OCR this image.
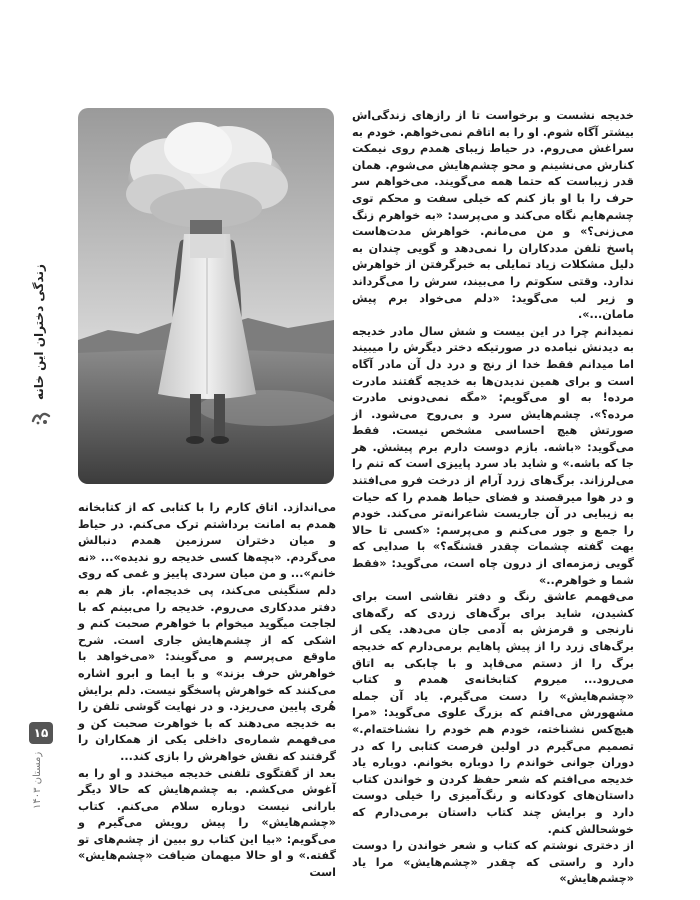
زندگی دختران این خانه
۱۵
زمستان ۱۴۰۳

خدیجه نشست و برخواست تا از رازهای زندگی‌اش بیشتر آگاه شوم. او را به اتاقم نمی‌خواهم. خودم به سراغش می‌روم. در حیاط زیبای همدم روی نیمکت کنارش می‌نشینم و محو چشم‌هایش می‌شوم. همان قدر زیباست که حتما همه می‌گویند. می‌خواهم سر حرف را با او باز کنم که خیلی سفت و محکم توی چشم‌هایم نگاه می‌کند و می‌پرسد: «به خواهرم زنگ می‌زنی؟» و من می‌مانم. خواهرش مدت‌هاست پاسخ تلفن مددکاران را نمی‌دهد و گویی چندان به دلیل مشکلات زیاد تمایلی به خبرگرفتن از خواهرش ندارد. وقتی سکوتم را می‌بیند، سرش را می‌گرداند و زیر لب می‌گوید: «دلم می‌خواد برم پیش مامان...».

نمیدانم چرا در این بیست و شش سال مادر خدیجه به دیدنش نیامده در صورتیکه دختر دیگرش را میبیند اما میدانم فقط خدا از رنج و درد دل آن مادر آگاه است و برای همین ندیدن‌ها به خدیجه گفتند مادرت مرده! به او می‌گویم: «مگه نمی‌دونی مادرت مرده؟». چشم‌هایش سرد و بی‌روح می‌شود. از صورتش هیچ احساسی مشخص نیست. فقط می‌گوید: «باشه. بازم دوست دارم برم پیشش. هر جا که باشه.» و شاید باد سرد پاییزی است که تنم را می‌لرزاند. برگ‌های زرد آرام از درخت فرو می‌افتند و در هوا میرقصند و فضای حیاط همدم را که حیات به زیبایی در آن جاریست شاعرانه‌تر می‌کند. خودم را جمع و جور می‌کنم و می‌پرسم: «کسی تا حالا بهت گفته چشمات چقدر قشنگه؟» با صدایی که گویی زمزمه‌ای از درون چاه است، می‌گوید: «فقط شما و خواهرم..»

می‌فهمم عاشق رنگ و دفتر نقاشی است برای کشیدن، شاید برای برگ‌های زردی که رگه‌های نارنجی و قرمزش به آدمی جان می‌دهد. یکی از برگ‌های زرد را از پیش پاهایم برمی‌دارم که خدیجه برگ را از دستم می‌قاپد و با چابکی به اتاق می‌رود... میروم کتابخانه‌ی همدم و کتاب «چشم‌هایش» را دست می‌گیرم. یاد آن جمله مشهورش می‌افتم که بزرگ علوی می‌گوید: «مرا هیچ‌کس نشناخته، خودم هم خودم را نشناخته‌ام.» تصمیم می‌گیرم در اولین فرصت کتابی را که در دوران جوانی خواندم را دوباره بخوانم. دوباره یاد خدیجه می‌افتم که شعر حفظ کردن و خواندن کتاب داستان‌های کودکانه و رنگ‌آمیزی را خیلی دوست دارد و برایش چند کتاب داستان برمی‌دارم که خوشحالش کنم.

از دختری نوشتم که کتاب و شعر خواندن را دوست دارد و راستی که چقدر «چشم‌هایش» مرا یاد «چشم‌هایش»

می‌اندازد. اتاق کارم را با کتابی که از کتابخانه همدم به امانت برداشتم ترک می‌کنم. در حیاط و میان دختران سرزمین همدم دنبالش می‌گردم. «بچه‌ها کسی خدیجه رو ندیده»... «نه خانم»... و من میان سردی پاییز و غمی که روی دلم سنگینی می‌کند، پی خدیجه‌ام. باز هم به دفتر مددکاری می‌روم. خدیجه را می‌بینم که با لجاجت میگوید میخوام با خواهرم صحبت کنم و اشکی که از چشم‌هایش جاری است. شرح ماوقع می‌پرسم و می‌گویند: «می‌خواهد با خواهرش حرف بزند» و با ایما و ابرو اشاره می‌کنند که خواهرش پاسخگو نیست. دلم برایش هُری پایین می‌ریزد. و در نهایت گوشی تلفن را به خدیجه می‌دهند که با خواهرت صحبت کن و می‌فهمم شماره‌ی داخلی یکی از همکاران را گرفتند که نقش خواهرش را بازی کند...

بعد از گفتگوی تلفنی خدیجه میخندد و او را به آغوش می‌کشم. به چشم‌هایش که حالا دیگر بارانی نیست دوباره سلام می‌کنم. کتاب «چشم‌هایش» را پیش رویش می‌گیرم و می‌گویم: «بیا این کتاب رو ببین از چشم‌های تو گفته.» و او حالا میهمان ضیافت «چشم‌هایش» است
